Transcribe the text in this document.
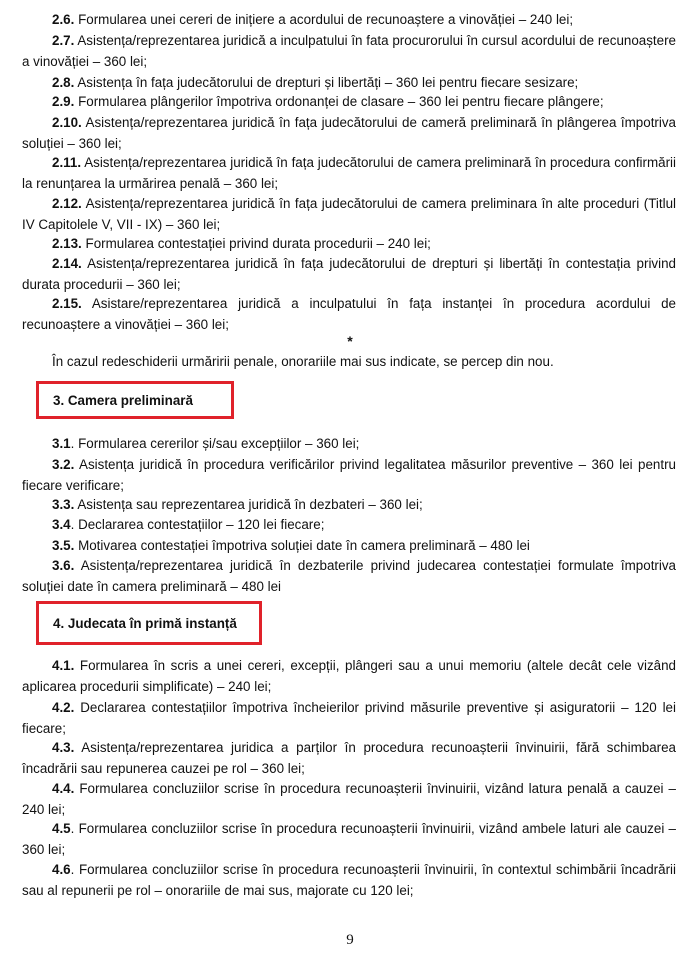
2.6. Formularea unei cereri de inițiere a acordului de recunoaștere a vinovăției – 240 lei;

2.7. Asistența/reprezentarea juridică a inculpatului în fata procurorului în cursul acordului de recunoaștere a vinovăției – 360 lei;

2.8. Asistența în fața judecătorului de drepturi și libertăți – 360 lei pentru fiecare sesizare;

2.9. Formularea plângerilor împotriva ordonanței de clasare – 360 lei pentru fiecare plângere;

2.10. Asistența/reprezentarea juridică în fața judecătorului de cameră preliminară în plângerea împotriva soluției – 360 lei;

2.11. Asistența/reprezentarea juridică în fața judecătorului de camera preliminară în procedura confirmării la renunțarea la urmărirea penală – 360 lei;

2.12. Asistența/reprezentarea juridică în fața judecătorului de camera preliminara în alte proceduri (Titlul IV Capitolele V, VII - IX) – 360 lei;

2.13. Formularea contestației privind durata procedurii – 240 lei;

2.14. Asistența/reprezentarea juridică în fața judecătorului de drepturi și libertăți în contestația privind durata procedurii – 360 lei;

2.15. Asistare/reprezentarea juridică a inculpatului în fața instanței în procedura acordului de recunoaștere a vinovăției – 360 lei;

*
În cazul redeschiderii urmăririi penale, onorariile mai sus indicate, se percep din nou.
3. Camera preliminară

3.1. Formularea cererilor și/sau excepțiilor – 360 lei;

3.2. Asistența juridică în procedura verificărilor privind legalitatea măsurilor preventive – 360 lei pentru fiecare verificare;

3.3. Asistența sau reprezentarea juridică în dezbateri – 360 lei;

3.4. Declararea contestațiilor – 120 lei fiecare;

3.5. Motivarea contestației împotriva soluției date în camera preliminară – 480 lei

3.6. Asistența/reprezentarea juridică în dezbaterile privind judecarea contestației formulate împotriva soluției date în camera preliminară – 480 lei

4. Judecata în primă instanță

4.1. Formularea în scris a unei cereri, excepții, plângeri sau a unui memoriu (altele decât cele vizând aplicarea procedurii simplificate) – 240 lei;

4.2. Declararea contestațiilor împotriva încheierilor privind măsurile preventive și asiguratorii – 120 lei fiecare;

4.3. Asistența/reprezentarea juridica a parților în procedura recunoașterii învinuirii, fără schimbarea încadrării sau repunerea cauzei pe rol – 360 lei;

4.4. Formularea concluziilor scrise în procedura recunoașterii învinuirii, vizând latura penală a cauzei – 240 lei;

4.5. Formularea concluziilor scrise în procedura recunoașterii învinuirii, vizând ambele laturi ale cauzei – 360 lei;

4.6. Formularea concluziilor scrise în procedura recunoașterii învinuirii, în contextul schimbării încadrării sau al repunerii pe rol – onorariile de mai sus, majorate cu 120 lei;

9
